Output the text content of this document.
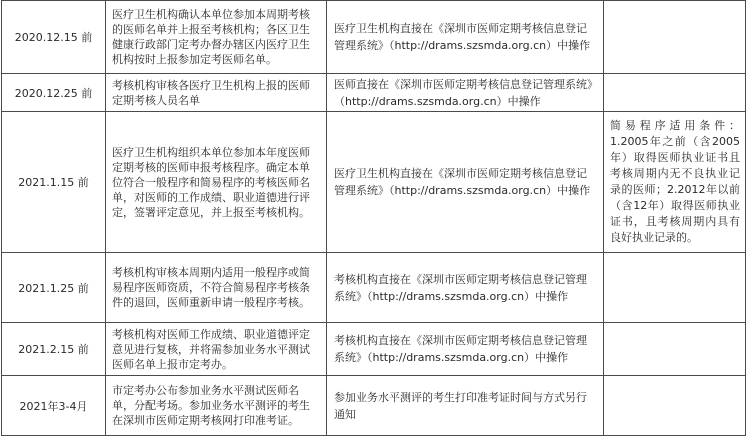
2020.12.15 前	医疗卫生机构确认本单位参加本周期考核的医师名单并上报至考核机构；各区卫生健康行政部门定考办督办辖区内医疗卫生机构按时上报参加定考医师名单。	医疗卫生机构直接在《深圳市医师定期考核信息登记管理系统》（http://drams.szsmda.org.cn）中操作	
2020.12.25 前	考核机构审核各医疗卫生机构上报的医师定期考核人员名单	医师直接在《深圳市医师定期考核信息登记管理系统》（http://drams.szsmda.org.cn）中操作	
2021.1.15 前	医疗卫生机构组织本单位参加本年度医师定期考核的医师申报考核程序。确定本单位符合一般程序和简易程序的考核医师名单，对医师的工作成绩、职业道德进行评定，签署评定意见，并上报至考核机构。	医疗卫生机构直接在《深圳市医师定期考核信息登记管理系统》（http://drams.szsmda.org.cn）中操作	简易程序适用条件：1.2005年之前（含2005年）取得医师执业证书且考核周期内无不良执业记录的医师；2.2012年以前（含12年）取得医师执业证书，且考核周期内具有良好执业记录的。
2021.1.25 前	考核机构审核本周期内适用一般程序或简易程序医师资质，不符合简易程序考核条件的退回，医师重新申请一般程序考核。	考核机构直接在《深圳市医师定期考核信息登记管理系统》（http://drams.szsmda.org.cn）中操作	
2021.2.15 前	考核机构对医师工作成绩、职业道德评定意见进行复核，并将需参加业务水平测试医师名单上报市定考办。	考核机构直接在《深圳市医师定期考核信息登记管理系统》（http://drams.szsmda.org.cn）中操作	
2021年3-4月	市定考办公布参加业务水平测试医师名单，分配考场。参加业务水平测评的考生在深圳市医师定期考核网打印准考证。	参加业务水平测评的考生打印准考证时间与方式另行通知	
